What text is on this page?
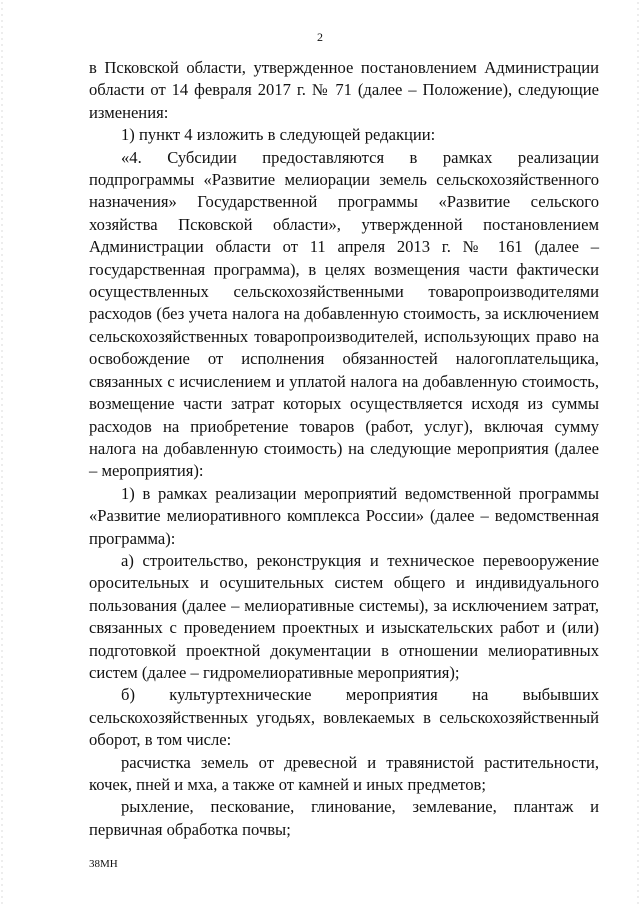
2

в Псковской области, утвержденное постановлением Администрации области от 14 февраля 2017 г. № 71 (далее – Положение), следующие изменения:

1) пункт 4 изложить в следующей редакции:

«4. Субсидии предоставляются в рамках реализации подпрограммы «Развитие мелиорации земель сельскохозяйственного назначения» Государственной программы «Развитие сельского хозяйства Псковской области», утвержденной постановлением Администрации области от 11 апреля 2013 г. № 161 (далее – государственная программа), в целях возмещения части фактически осуществленных сельскохозяйственными товаропроизводителями расходов (без учета налога на добавленную стоимость, за исключением сельскохозяйственных товаропроизводителей, использующих право на освобождение от исполнения обязанностей налогоплательщика, связанных с исчислением и уплатой налога на добавленную стоимость, возмещение части затрат которых осуществляется исходя из суммы расходов на приобретение товаров (работ, услуг), включая сумму налога на добавленную стоимость) на следующие мероприятия (далее – мероприятия):

1) в рамках реализации мероприятий ведомственной программы «Развитие мелиоративного комплекса России» (далее – ведомственная программа):

а) строительство, реконструкция и техническое перевооружение оросительных и осушительных систем общего и индивидуального пользования (далее – мелиоративные системы), за исключением затрат, связанных с проведением проектных и изыскательских работ и (или) подготовкой проектной документации в отношении мелиоративных систем (далее – гидромелиоративные мероприятия);

б) культуртехнические мероприятия на выбывших сельскохозяйственных угодьях, вовлекаемых в сельскохозяйственный оборот, в том числе:

расчистка земель от древесной и травянистой растительности, кочек, пней и мха, а также от камней и иных предметов;

рыхление, пескование, глинование, землевание, плантаж и первичная обработка почвы;

38МН
